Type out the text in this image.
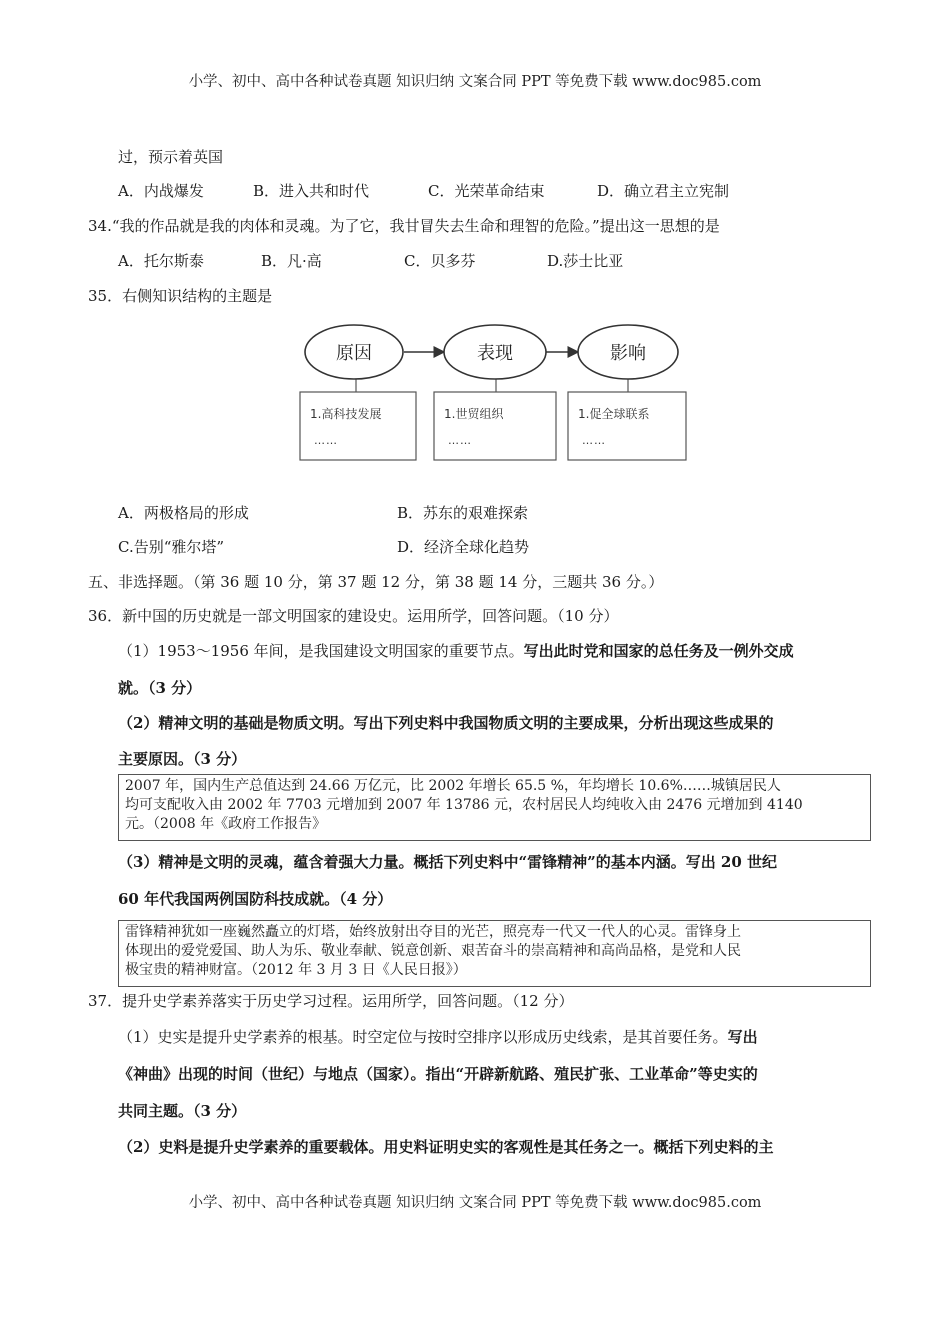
小学、初中、高中各种试卷真题 知识归纳 文案合同 PPT 等免费下载 www.doc985.com
过，预示着英国
A．内战爆发	B．进入共和时代	C．光荣革命结束	D．确立君主立宪制
34.“我的作品就是我的肉体和灵魂。为了它，我甘冒失去生命和理智的危险。”提出这一思想的是
A．托尔斯泰	B．凡·高	C．贝多芬	D.莎士比亚
35．右侧知识结构的主题是
原因
1.高科技发展
……
表现
1.世贸组织
……
影响
1.促全球联系
……
A．两极格局的形成	B．苏东的艰难探索
C.告别“雅尔塔”	D．经济全球化趋势
五、非选择题。（第 36 题 10 分，第 37 题 12 分，第 38 题 14 分，三题共 36 分。）
36．新中国的历史就是一部文明国家的建设史。运用所学，回答问题。（10 分）
（1）1953～1956 年间，是我国建设文明国家的重要节点。写出此时党和国家的总任务及一例外交成
就。（3 分）
（2）精神文明的基础是物质文明。写出下列史料中我国物质文明的主要成果，分析出现这些成果的
主要原因。（3 分）
2007 年，国内生产总值达到 24.66 万亿元，比 2002 年增长 65.5 %，年均增长 10.6%……城镇居民人
均可支配收入由 2002 年 7703 元增加到 2007 年 13786 元，农村居民人均纯收入由 2476 元增加到 4140
元。（2008 年《政府工作报告》
（3）精神是文明的灵魂，蕴含着强大力量。概括下列史料中“雷锋精神”的基本内涵。写出 20 世纪
60 年代我国两例国防科技成就。（4 分）
雷锋精神犹如一座巍然矗立的灯塔，始终放射出夺目的光芒，照亮寿一代又一代人的心灵。雷锋身上
体现出的爱党爱国、助人为乐、敬业奉献、锐意创新、艰苦奋斗的崇高精神和高尚品格，是党和人民
极宝贵的精神财富。（2012 年 3 月 3 日《人民日报》）
37．提升史学素养落实于历史学习过程。运用所学，回答问题。（12 分）
（1）史实是提升史学素养的根基。时空定位与按时空排序以形成历史线索，是其首要任务。写出
《神曲》出现的时间（世纪）与地点（国家）。指出“开辟新航路、殖民扩张、工业革命”等史实的
共同主题。（3 分）
（2）史料是提升史学素养的重要载体。用史料证明史实的客观性是其任务之一。概括下列史料的主
小学、初中、高中各种试卷真题 知识归纳 文案合同 PPT 等免费下载 www.doc985.com
